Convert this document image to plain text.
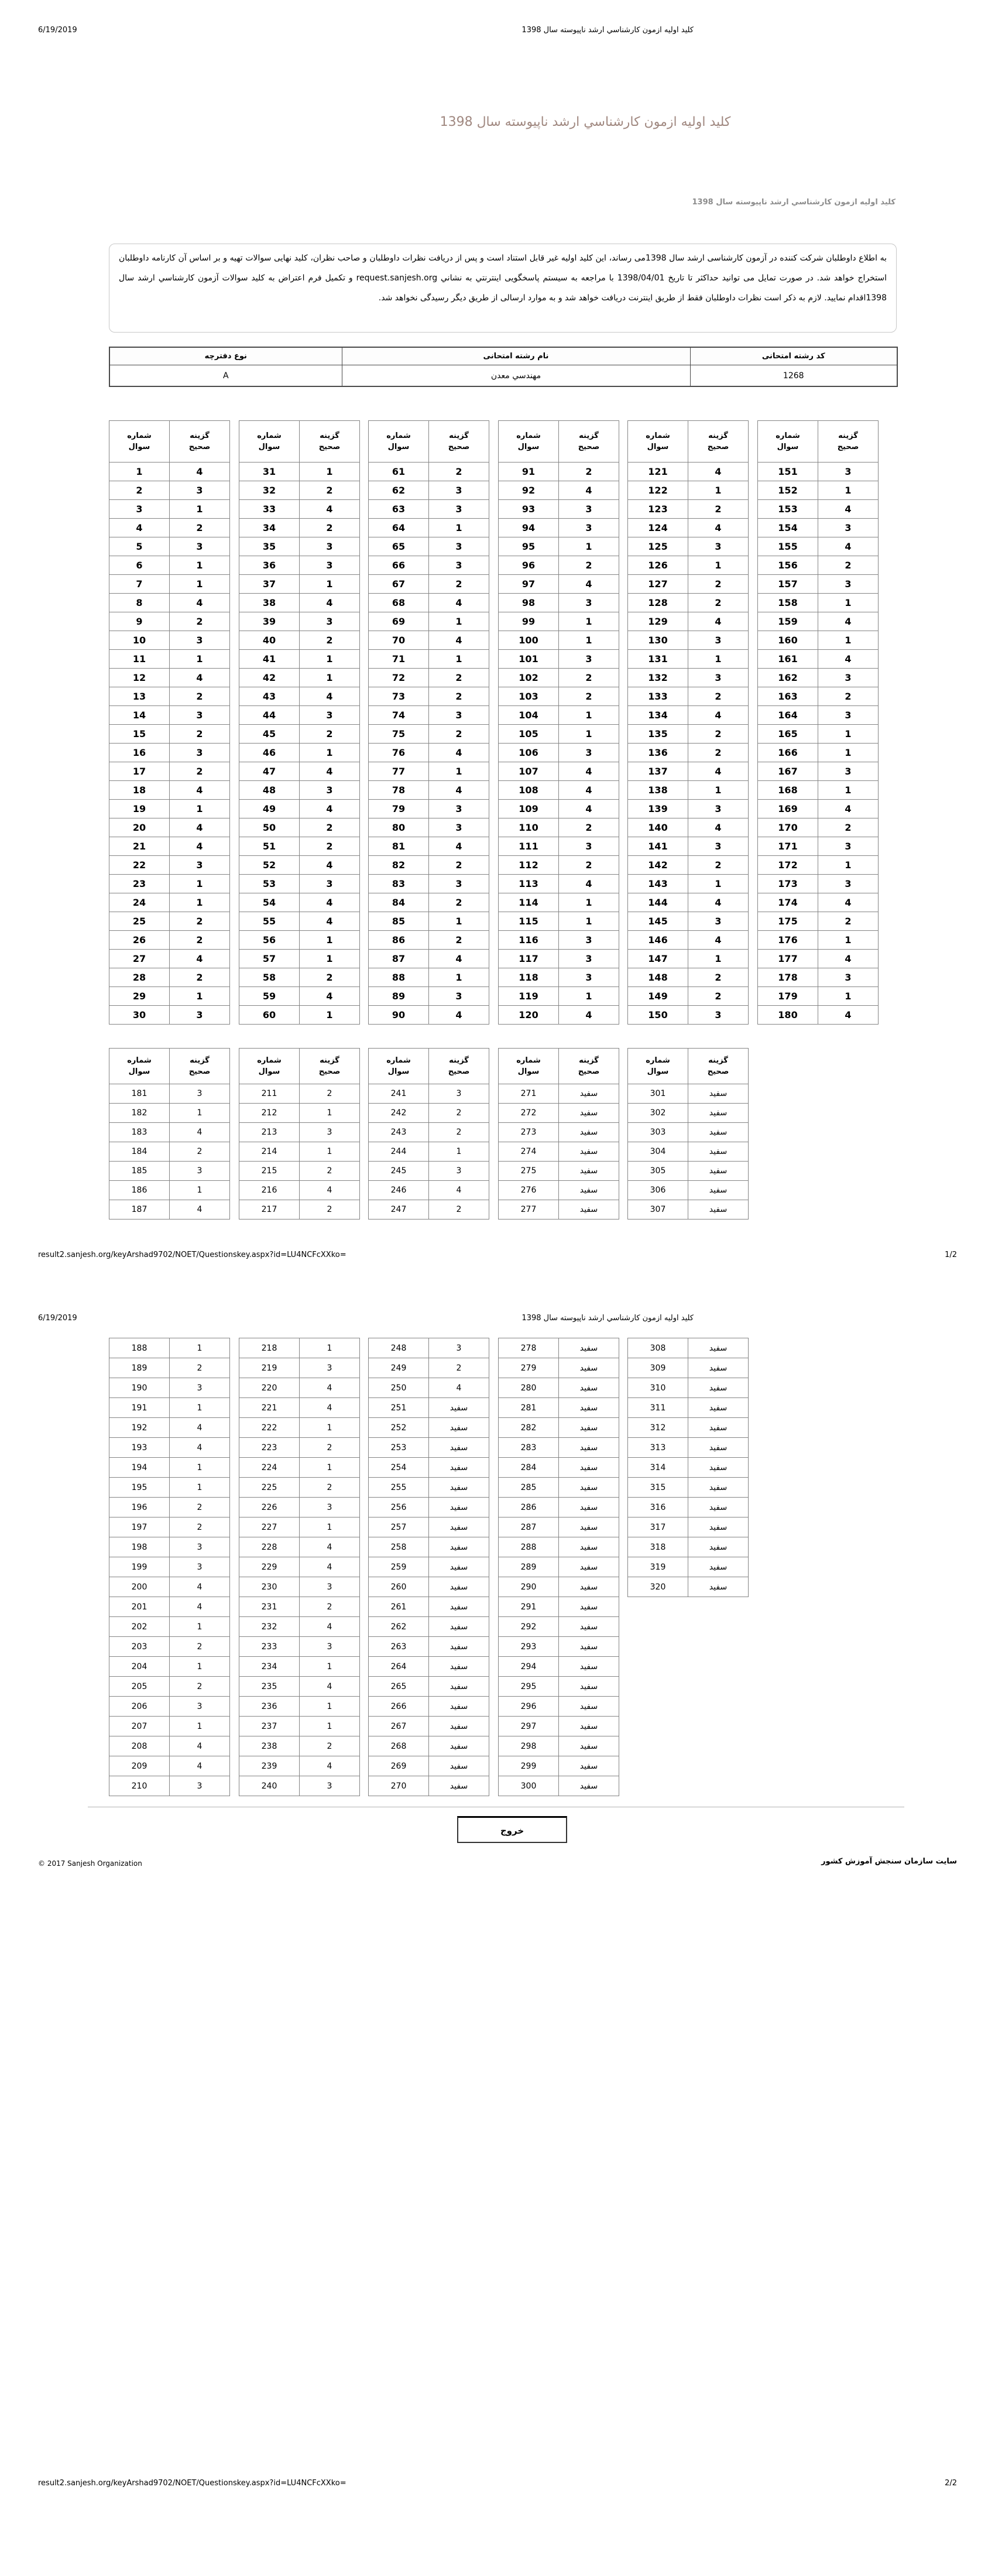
6/19/2019	کلید اولیه ازمون کارشناسي ارشد ناپیوسته سال 1398
کلید اولیه ازمون کارشناسي ارشد ناپیوسته سال 1398
کلید اولیه ازمون کارشناسي ارشد ناپیوسته سال 1398
به اطلاع داوطلبان شرکت کننده در آزمون کارشناسی ارشد سال 1398می رساند، این کلید اولیه غیر قابل استناد است و پس از دریافت نظرات داوطلبان و صاحب نظران، کلید نهایی سوالات تهیه و بر اساس آن کارنامه داوطلبان استخراج خواهد شد. در صورت تمایل می توانید حداکثر تا تاریخ 1398/04/01 با مراجعه به سیستم پاسخگویی اینترنتي به نشاني request.sanjesh.org و تکمیل فرم اعتراض به کلید سوالات آزمون کارشناسي ارشد سال 1398اقدام نمایید. لازم به ذکر است نظرات داوطلبان فقط از طریق اینترنت دریافت خواهد شد و به موارد ارسالی از طریق دیگر رسیدگی نخواهد شد.
نوع دفترچه	نام رشته امتحانی	کد رشته امتحانی
A	مهندسي معدن	1268
result2.sanjesh.org/keyArshad9702/NOET/Questionskey.aspx?id=LU4NCFcXXko=	1/2
6/19/2019	کلید اولیه ازمون کارشناسي ارشد ناپیوسته سال 1398
خروج
© 2017 Sanjesh Organization	سایت سازمان سنجش آموزش کشور
result2.sanjesh.org/keyArshad9702/NOET/Questionskey.aspx?id=LU4NCFcXXko=	2/2
شماره
سوال	گزینه
صحیح
1	4
2	3
3	1
4	2
5	3
6	1
7	1
8	4
9	2
10	3
11	1
12	4
13	2
14	3
15	2
16	3
17	2
18	4
19	1
20	4
21	4
22	3
23	1
24	1
25	2
26	2
27	4
28	2
29	1
30	3
شماره
سوال	گزینه
صحیح
31	1
32	2
33	4
34	2
35	3
36	3
37	1
38	4
39	3
40	2
41	1
42	1
43	4
44	3
45	2
46	1
47	4
48	3
49	4
50	2
51	2
52	4
53	3
54	4
55	4
56	1
57	1
58	2
59	4
60	1
شماره
سوال	گزینه
صحیح
61	2
62	3
63	3
64	1
65	3
66	3
67	2
68	4
69	1
70	4
71	1
72	2
73	2
74	3
75	2
76	4
77	1
78	4
79	3
80	3
81	4
82	2
83	3
84	2
85	1
86	2
87	4
88	1
89	3
90	4
شماره
سوال	گزینه
صحیح
91	2
92	4
93	3
94	3
95	1
96	2
97	4
98	3
99	1
100	1
101	3
102	2
103	2
104	1
105	1
106	3
107	4
108	4
109	4
110	2
111	3
112	2
113	4
114	1
115	1
116	3
117	3
118	3
119	1
120	4
شماره
سوال	گزینه
صحیح
121	4
122	1
123	2
124	4
125	3
126	1
127	2
128	2
129	4
130	3
131	1
132	3
133	2
134	4
135	2
136	2
137	4
138	1
139	3
140	4
141	3
142	2
143	1
144	4
145	3
146	4
147	1
148	2
149	2
150	3
شماره
سوال	گزینه
صحیح
151	3
152	1
153	4
154	3
155	4
156	2
157	3
158	1
159	4
160	1
161	4
162	3
163	2
164	3
165	1
166	1
167	3
168	1
169	4
170	2
171	3
172	1
173	3
174	4
175	2
176	1
177	4
178	3
179	1
180	4
شماره
سوال	گزینه
صحیح
181	3
182	1
183	4
184	2
185	3
186	1
187	4
شماره
سوال	گزینه
صحیح
211	2
212	1
213	3
214	1
215	2
216	4
217	2
شماره
سوال	گزینه
صحیح
241	3
242	2
243	2
244	1
245	3
246	4
247	2
شماره
سوال	گزینه
صحیح
271	سفید
272	سفید
273	سفید
274	سفید
275	سفید
276	سفید
277	سفید
شماره
سوال	گزینه
صحیح
301	سفید
302	سفید
303	سفید
304	سفید
305	سفید
306	سفید
307	سفید
188	1
189	2
190	3
191	1
192	4
193	4
194	1
195	1
196	2
197	2
198	3
199	3
200	4
201	4
202	1
203	2
204	1
205	2
206	3
207	1
208	4
209	4
210	3
218	1
219	3
220	4
221	4
222	1
223	2
224	1
225	2
226	3
227	1
228	4
229	4
230	3
231	2
232	4
233	3
234	1
235	4
236	1
237	1
238	2
239	4
240	3
248	3
249	2
250	4
251	سفید
252	سفید
253	سفید
254	سفید
255	سفید
256	سفید
257	سفید
258	سفید
259	سفید
260	سفید
261	سفید
262	سفید
263	سفید
264	سفید
265	سفید
266	سفید
267	سفید
268	سفید
269	سفید
270	سفید
278	سفید
279	سفید
280	سفید
281	سفید
282	سفید
283	سفید
284	سفید
285	سفید
286	سفید
287	سفید
288	سفید
289	سفید
290	سفید
291	سفید
292	سفید
293	سفید
294	سفید
295	سفید
296	سفید
297	سفید
298	سفید
299	سفید
300	سفید
308	سفید
309	سفید
310	سفید
311	سفید
312	سفید
313	سفید
314	سفید
315	سفید
316	سفید
317	سفید
318	سفید
319	سفید
320	سفید
